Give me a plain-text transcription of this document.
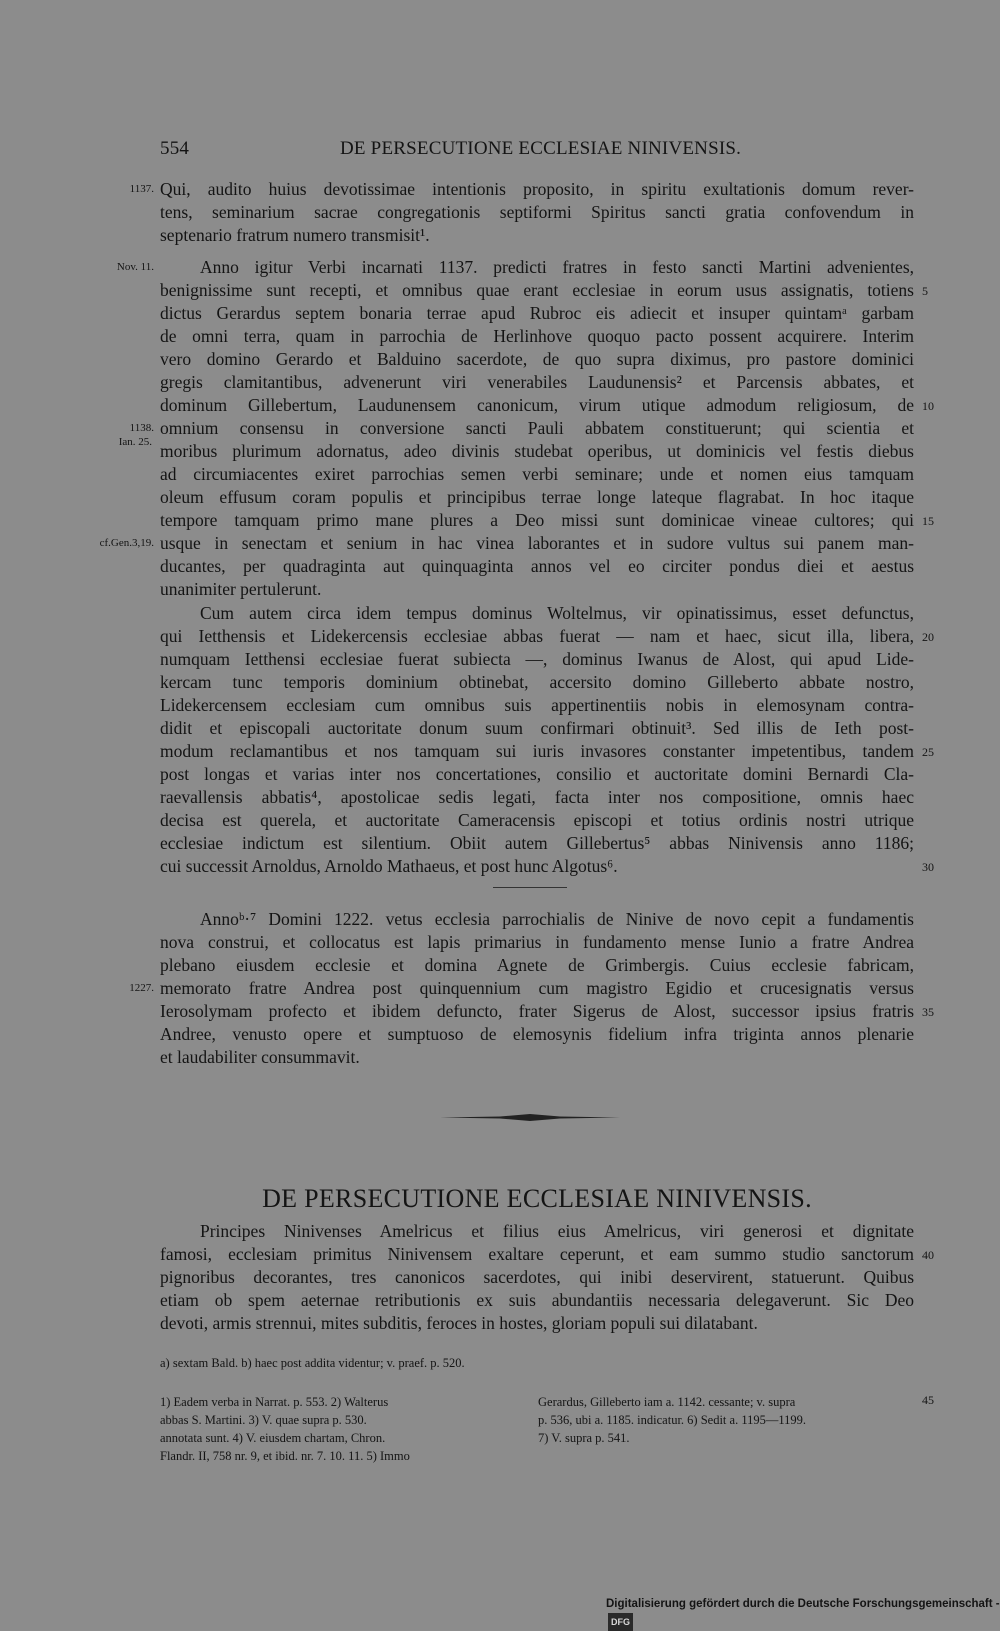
554	DE PERSECUTIONE ECCLESIAE NINIVENSIS.
Qui, audito huius devotissimae intentionis proposito, in spiritu exultationis domum rever-
1137.
tens, seminarium sacrae congregationis septiformi Spiritus sancti gratia confovendum in
septenario fratrum numero transmisit¹.
Anno igitur Verbi incarnati 1137. predicti fratres in festo sancti Martini advenientes,
Nov. 11.
benignissime sunt recepti, et omnibus quae erant ecclesiae in eorum usus assignatis, totiens 5
dictus Gerardus septem bonaria terrae apud Rubroc eis adiecit et insuper quintamᵃ garbam
de omni terra, quam in parrochia de Herlinhove quoquo pacto possent acquirere. Interim
vero domino Gerardo et Balduino sacerdote, de quo supra diximus, pro pastore dominici
gregis clamitantibus, advenerunt viri venerabiles Laudunensis² et Parcensis abbates, et
dominum Gillebertum, Laudunensem canonicum, virum utique admodum religiosum, de 10
omnium consensu in conversione sancti Pauli abbatem constituerunt; qui scientia et
1138.
Ian. 25. moribus plurimum adornatus, adeo divinis studebat operibus, ut dominicis vel festis diebus
ad circumiacentes exiret parrochias semen verbi seminare; unde et nomen eius tamquam
oleum effusum coram populis et principibus terrae longe lateque flagrabat. In hoc itaque
tempore tamquam primo mane plures a Deo missi sunt dominicae vineae cultores; qui 15
usque in senectam et senium in hac vinea laborantes et in sudore vultus sui panem man-
cf.Gen.3,19.
ducantes, per quadraginta aut quinquaginta annos vel eo circiter pondus diei et aestus
unanimiter pertulerunt.
Cum autem circa idem tempus dominus Woltelmus, vir opinatissimus, esset defunctus,
qui Ietthensis et Lidekercensis ecclesiae abbas fuerat — nam et haec, sicut illa, libera, 20
numquam Ietthensi ecclesiae fuerat subiecta —, dominus Iwanus de Alost, qui apud Lide-
kercam tunc temporis dominium obtinebat, accersito domino Gilleberto abbate nostro,
Lidekercensem ecclesiam cum omnibus suis appertinentiis nobis in elemosynam contra-
didit et episcopali auctoritate donum suum confirmari obtinuit³. Sed illis de Ieth post-
modum reclamantibus et nos tamquam sui iuris invasores constanter impetentibus, tandem 25
post longas et varias inter nos concertationes, consilio et auctoritate domini Bernardi Cla-
raevallensis abbatis⁴, apostolicae sedis legati, facta inter nos compositione, omnis haec
decisa est querela, et auctoritate Cameracensis episcopi et totius ordinis nostri utrique
ecclesiae indictum est silentium. Obiit autem Gillebertus⁵ abbas Ninivensis anno 1186;
cui successit Arnoldus, Arnoldo Mathaeus, et post hunc Algotus⁶.	30
Annoᵇ·⁷ Domini 1222. vetus ecclesia parrochialis de Ninive de novo cepit a fundamentis
nova construi, et collocatus est lapis primarius in fundamento mense Iunio a fratre Andrea
plebano eiusdem ecclesie et domina Agnete de Grimbergis. Cuius ecclesie fabricam,
memorato fratre Andrea post quinquennium cum magistro Egidio et crucesignatis versus
1227.
Ierosolymam profecto et ibidem defuncto, frater Sigerus de Alost, successor ipsius fratris 35
Andree, venusto opere et sumptuoso de elemosynis fidelium infra triginta annos plenarie
et laudabiliter consummavit.
DE PERSECUTIONE ECCLESIAE NINIVENSIS.
Principes Ninivenses Amelricus et filius eius Amelricus, viri generosi et dignitate
famosi, ecclesiam primitus Ninivensem exaltare ceperunt, et eam summo studio sanctorum 40
pignoribus decorantes, tres canonicos sacerdotes, qui inibi deservirent, statuerunt. Quibus
etiam ob spem aeternae retributionis ex suis abundantiis necessaria delegaverunt. Sic Deo
devoti, armis strennui, mites subditis, feroces in hostes, gloriam populi sui dilatabant.
a) sextam Bald. b) haec post addita videntur; v. praef. p. 520.
1) Eadem verba in Narrat. p. 553. 2) Walterus
abbas S. Martini. 3) V. quae supra p. 530.
annotata sunt. 4) V. eiusdem chartam, Chron.
Flandr. II, 758 nr. 9, et ibid. nr. 7. 10. 11. 5) Immo
Gerardus, Gilleberto iam a. 1142. cessante; v. supra
p. 536, ubi a. 1185. indicatur. 6) Sedit a. 1195—1199.
7) V. supra p. 541.
45
Digitalisierung gefördert durch die Deutsche Forschungsgemeinschaft - DFG
